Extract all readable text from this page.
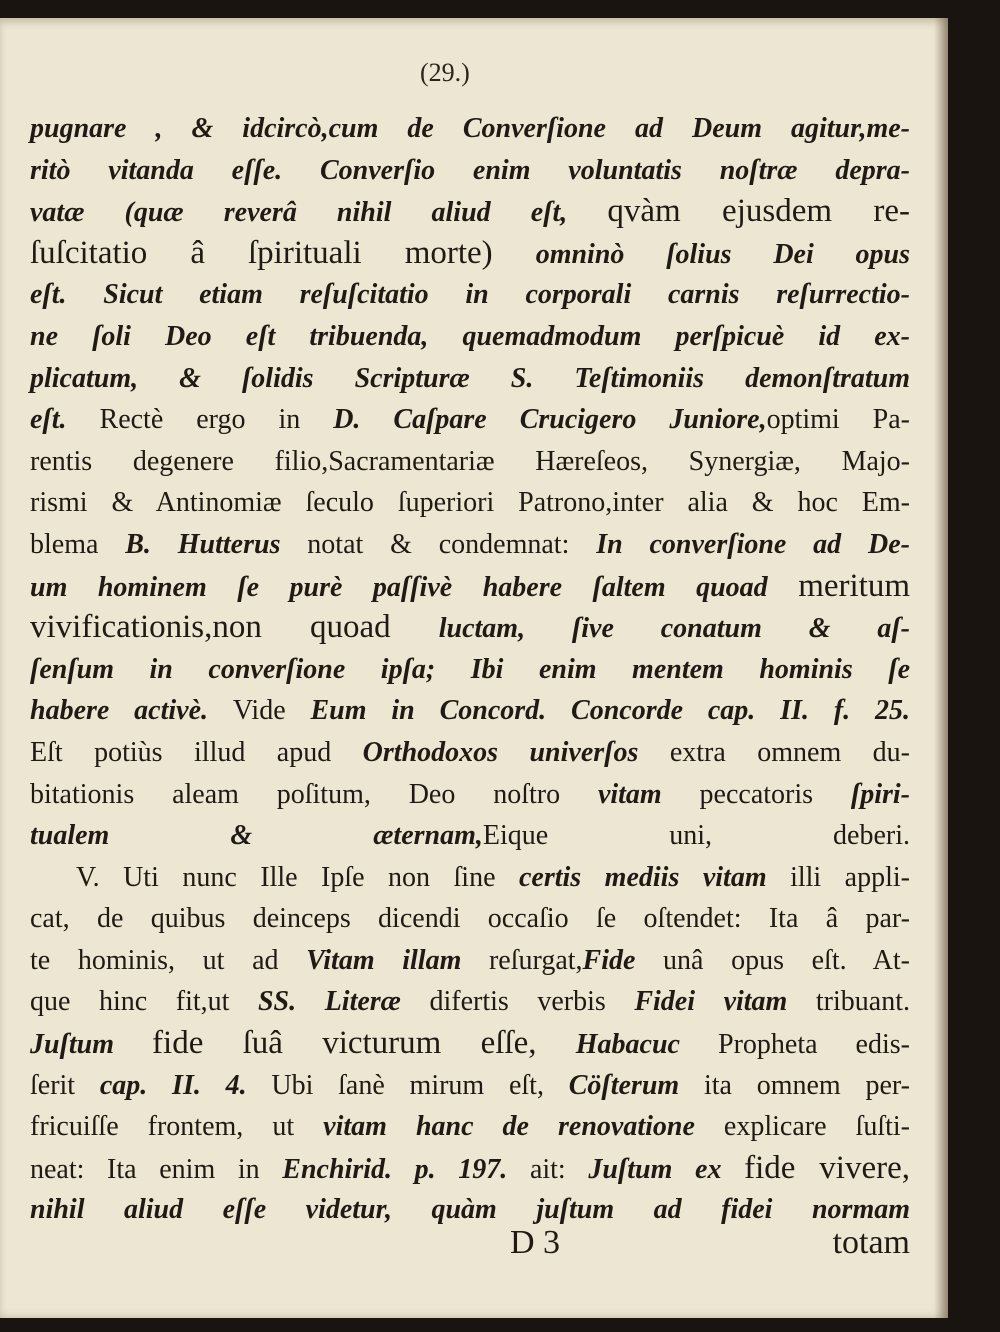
(29.)
pugnare , & idcircò,cum de Converſione ad Deum agitur,me-
ritò vitanda eſſe. Converſio enim voluntatis noſtræ depra-
vatæ (quæ reverâ nihil aliud eſt, qvàm ejusdem re-
ſuſcitatio â ſpirituali morte) omninò ſolius Dei opus
eſt. Sicut etiam reſuſcitatio in corporali carnis reſurrectio-
ne ſoli Deo eſt tribuenda, quemadmodum perſpicuè id ex-
plicatum, & ſolidis Scripturæ S. Teſtimoniis demonſtratum
eſt. Rectè ergo in D. Caſpare Crucigero Juniore,optimi Pa-
rentis degenere filio,Sacramentariæ Hæreſeos, Synergiæ, Majo-
rismi & Antinomiæ ſeculo ſuperiori Patrono,inter alia & hoc Em-
blema B. Hutterus notat & condemnat: In converſione ad De-
um hominem ſe purè paſſivè habere ſaltem quoad meritum
vivificationis,non quoad luctam, ſive conatum & aſ-
ſenſum in converſione ipſa; Ibi enim mentem hominis ſe
habere activè. Vide Eum in Concord. Concorde cap. II. f. 25.
Eſt potiùs illud apud Orthodoxos univerſos extra omnem du-
bitationis aleam poſitum, Deo noſtro vitam peccatoris ſpiri-
tualem & æternam,Eique uni, deberi.
V. Uti nunc Ille Ipſe non ſine certis mediis vitam illi appli-
cat, de quibus deinceps dicendi occaſio ſe oſtendet: Ita â par-
te hominis, ut ad Vitam illam reſurgat,Fide unâ opus eſt. At-
que hinc fit,ut SS. Literæ difertis verbis Fidei vitam tribuant.
Juſtum fide ſuâ victurum eſſe, Habacuc Propheta edis-
ſerit cap. II. 4. Ubi ſanè mirum eſt, Cöſterum ita omnem per-
fricuiſſe frontem, ut vitam hanc de renovatione explicare ſuſti-
neat: Ita enim in Enchirid. p. 197. ait: Juſtum ex fide vivere,
nihil aliud eſſe videtur, quàm juſtum ad fidei normam
D 3	totam
